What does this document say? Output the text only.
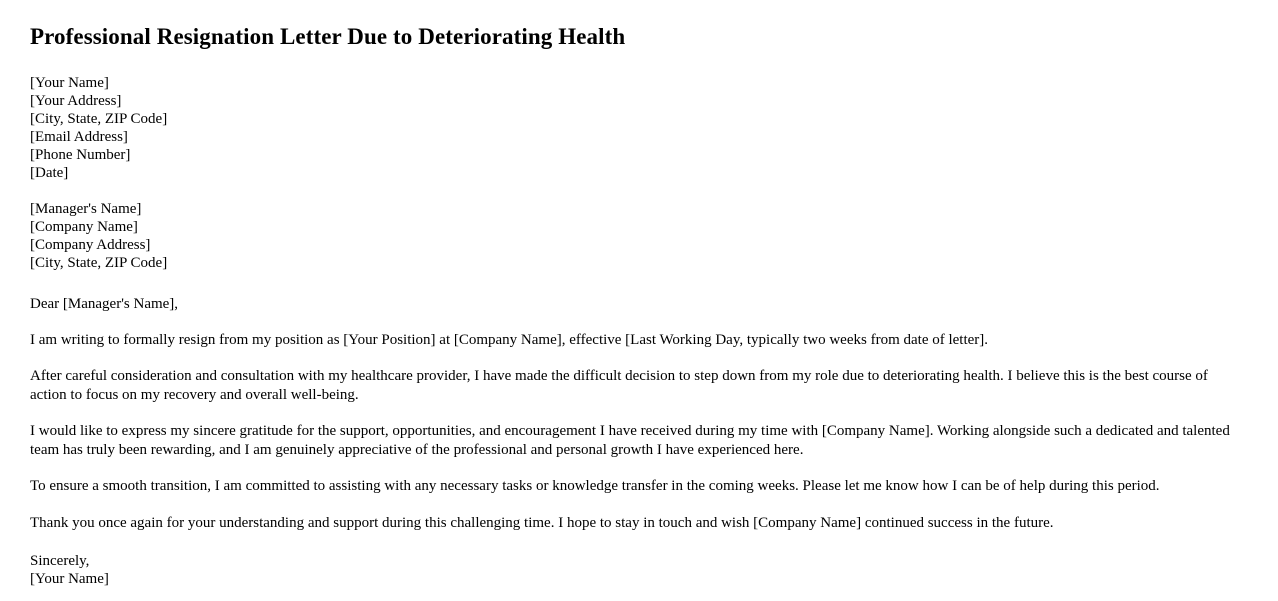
Professional Resignation Letter Due to Deteriorating Health
[Your Name]
[Your Address]
[City, State, ZIP Code]
[Email Address]
[Phone Number]
[Date]
[Manager's Name]
[Company Name]
[Company Address]
[City, State, ZIP Code]
Dear [Manager's Name],

I am writing to formally resign from my position as [Your Position] at [Company Name], effective [Last Working Day, typically two weeks from date of letter].

After careful consideration and consultation with my healthcare provider, I have made the difficult decision to step down from my role due to deteriorating health. I believe this is the best course of action to focus on my recovery and overall well-being.

I would like to express my sincere gratitude for the support, opportunities, and encouragement I have received during my time with [Company Name]. Working alongside such a dedicated and talented team has truly been rewarding, and I am genuinely appreciative of the professional and personal growth I have experienced here.

To ensure a smooth transition, I am committed to assisting with any necessary tasks or knowledge transfer in the coming weeks. Please let me know how I can be of help during this period.

Thank you once again for your understanding and support during this challenging time. I hope to stay in touch and wish [Company Name] continued success in the future.

Sincerely,
[Your Name]
